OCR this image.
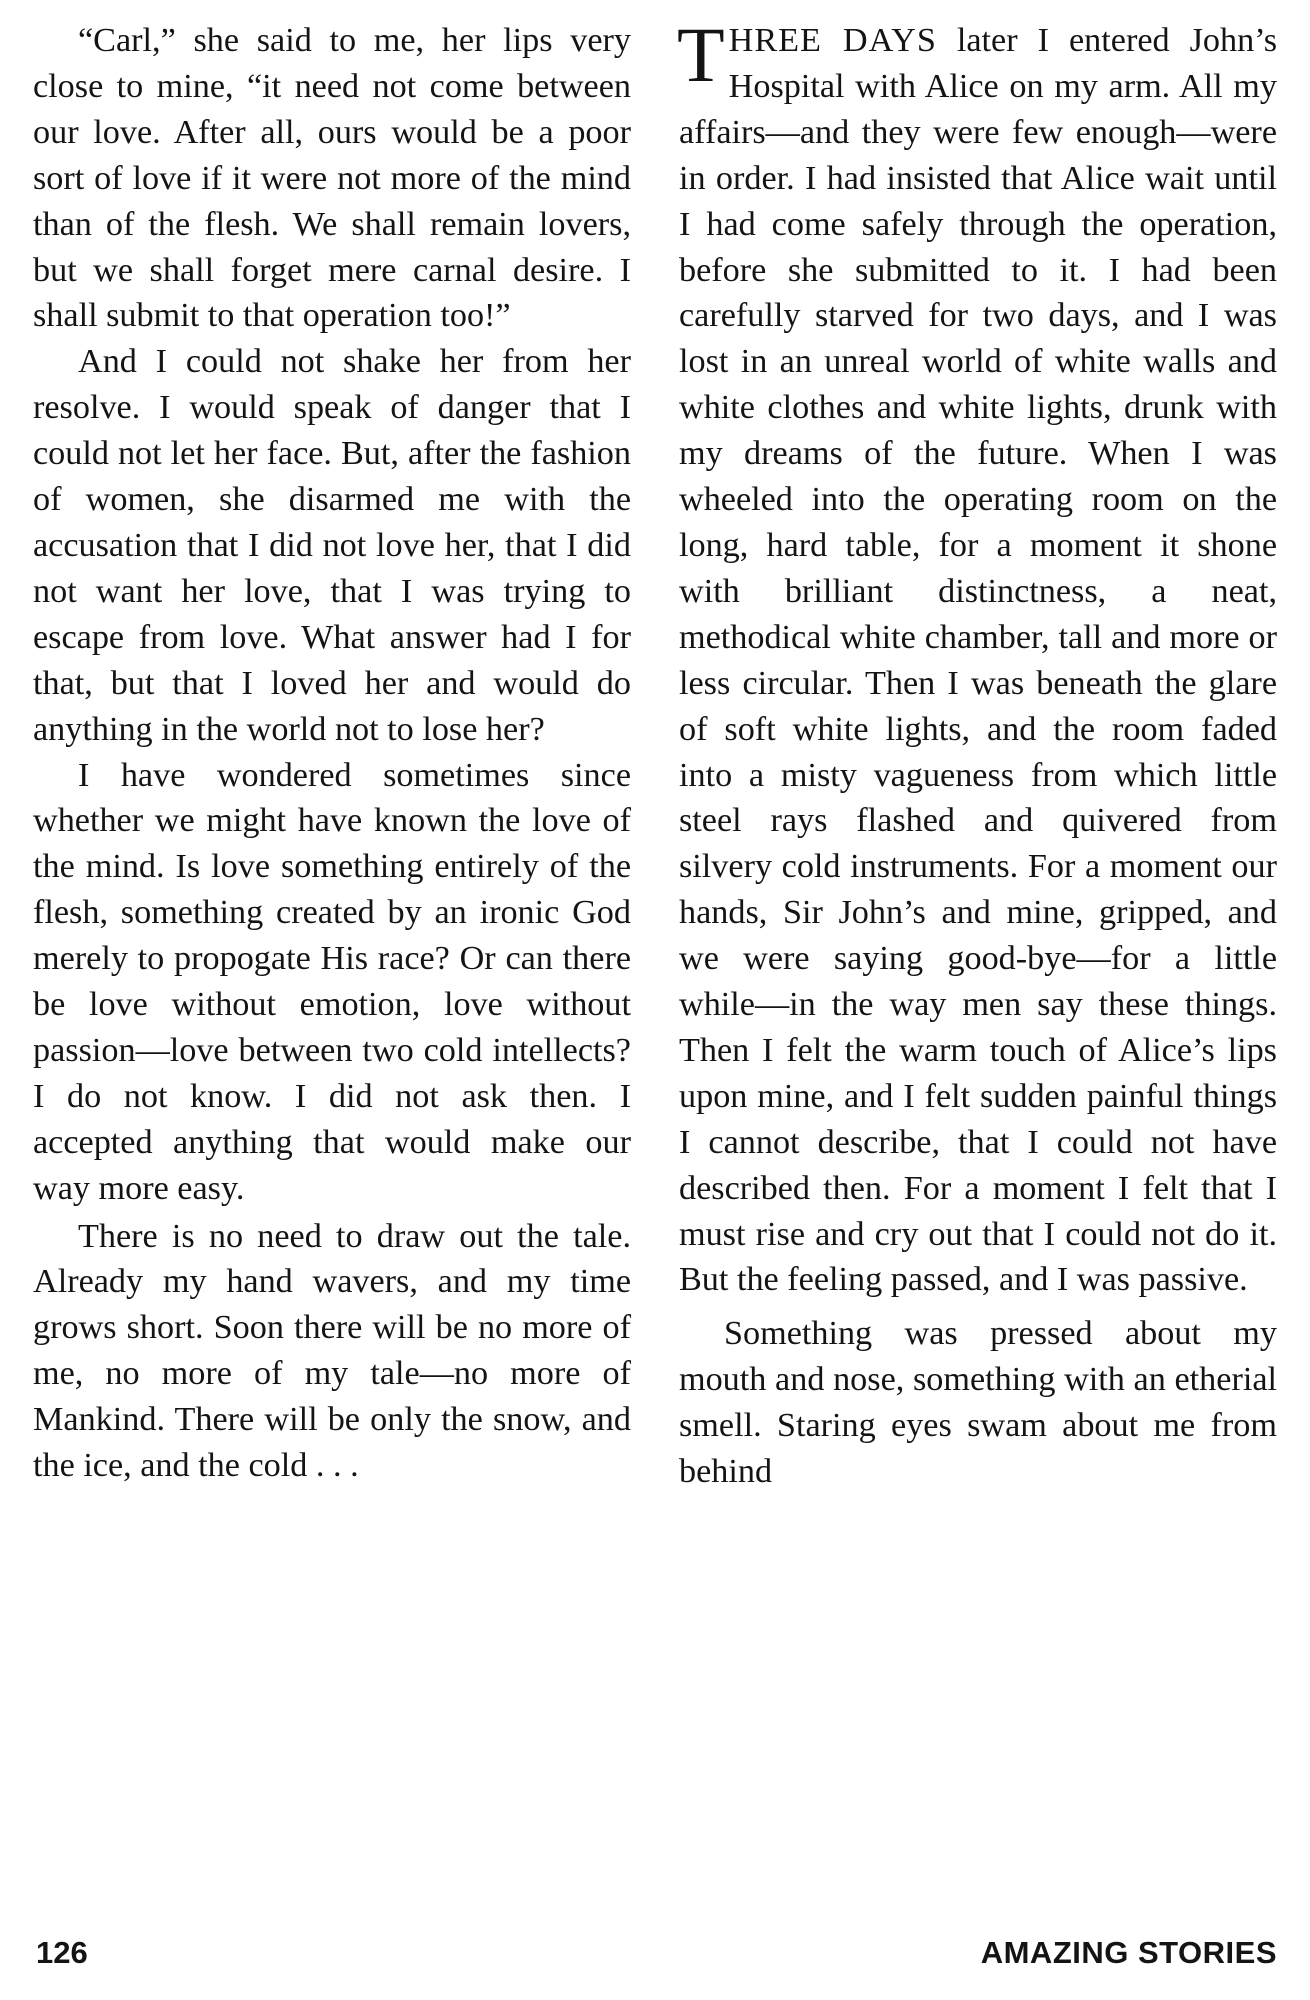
“Carl,” she said to me, her lips very close to mine, “it need not come between our love. After all, ours would be a poor sort of love if it were not more of the mind than of the flesh. We shall remain lovers, but we shall forget mere carnal desire. I shall submit to that operation too!”

And I could not shake her from her resolve. I would speak of danger that I could not let her face. But, after the fashion of women, she disarmed me with the accusation that I did not love her, that I did not want her love, that I was trying to escape from love. What answer had I for that, but that I loved her and would do anything in the world not to lose her?

I have wondered sometimes since whether we might have known the love of the mind. Is love something entirely of the flesh, something created by an ironic God merely to propogate His race? Or can there be love without emotion, love without passion—love between two cold intellects? I do not know. I did not ask then. I accepted anything that would make our way more easy.

There is no need to draw out the tale. Already my hand wavers, and my time grows short. Soon there will be no more of me, no more of my tale—no more of Mankind. There will be only the snow, and the ice, and the cold . . .

THREE DAYS later I entered John’s Hospital with Alice on my arm. All my affairs—and they were few enough—were in order. I had insisted that Alice wait until I had come safely through the operation, before she submitted to it. I had been carefully starved for two days, and I was lost in an unreal world of white walls and white clothes and white lights, drunk with my dreams of the future. When I was wheeled into the operating room on the long, hard table, for a moment it shone with brilliant distinctness, a neat, methodical white chamber, tall and more or less circular. Then I was beneath the glare of soft white lights, and the room faded into a misty vagueness from which little steel rays flashed and quivered from silvery cold instruments. For a moment our hands, Sir John’s and mine, gripped, and we were saying good-bye—for a little while—in the way men say these things. Then I felt the warm touch of Alice’s lips upon mine, and I felt sudden painful things I cannot describe, that I could not have described then. For a moment I felt that I must rise and cry out that I could not do it. But the feeling passed, and I was passive.

Something was pressed about my mouth and nose, something with an etherial smell. Staring eyes swam about me from behind

126	AMAZING STORIES
